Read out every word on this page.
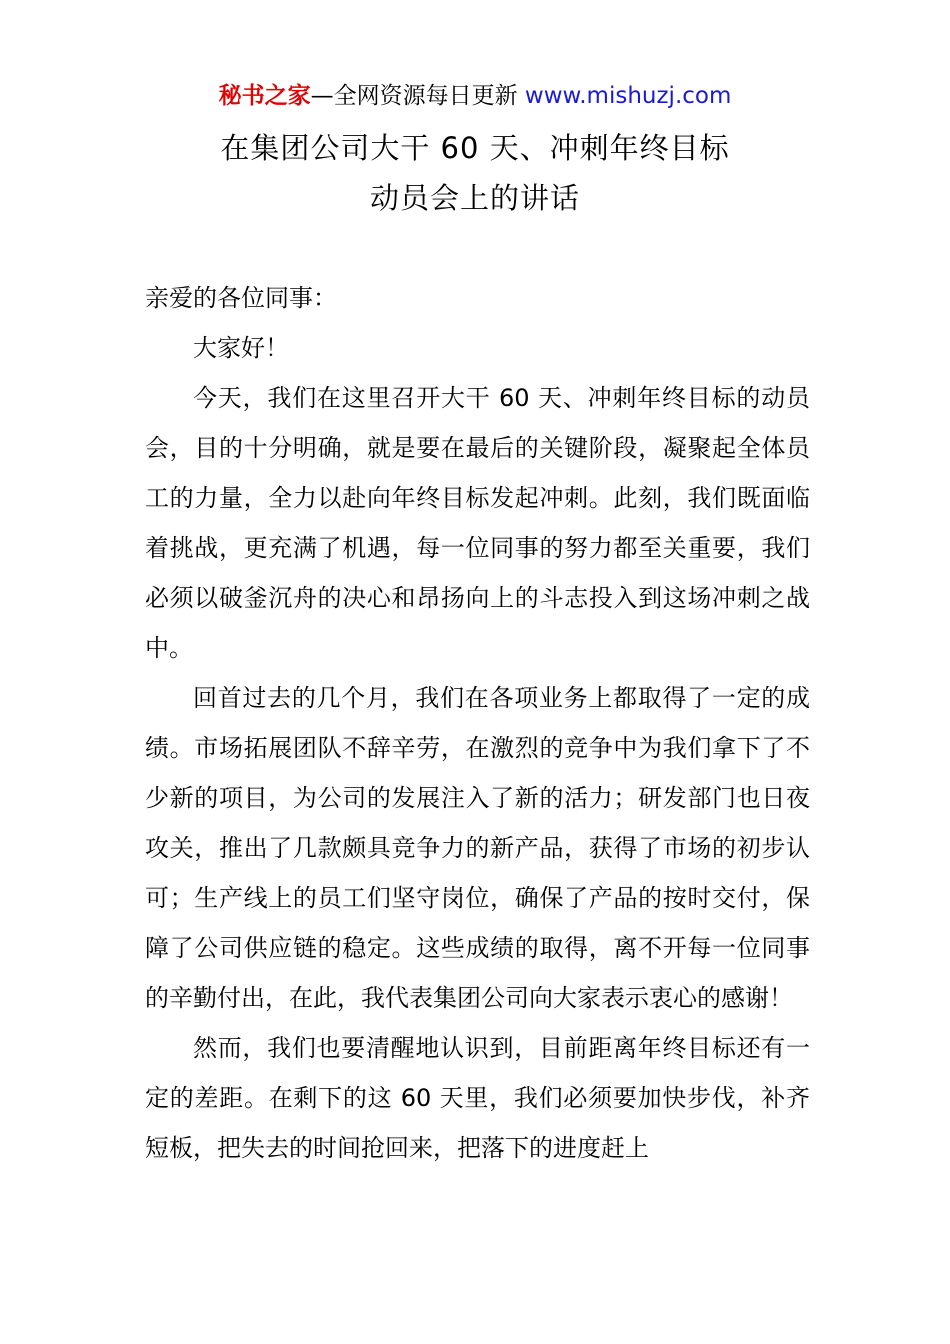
秘书之家—全网资源每日更新 www.mishuzj.com
在集团公司大干 60 天、冲刺年终目标
动员会上的讲话
亲爱的各位同事：

大家好！

今天，我们在这里召开大干 60 天、冲刺年终目标的动员会，目的十分明确，就是要在最后的关键阶段，凝聚起全体员工的力量，全力以赴向年终目标发起冲刺。此刻，我们既面临着挑战，更充满了机遇，每一位同事的努力都至关重要，我们必须以破釜沉舟的决心和昂扬向上的斗志投入到这场冲刺之战中。

回首过去的几个月，我们在各项业务上都取得了一定的成绩。市场拓展团队不辞辛劳，在激烈的竞争中为我们拿下了不少新的项目，为公司的发展注入了新的活力；研发部门也日夜攻关，推出了几款颇具竞争力的新产品，获得了市场的初步认可；生产线上的员工们坚守岗位，确保了产品的按时交付，保障了公司供应链的稳定。这些成绩的取得，离不开每一位同事的辛勤付出，在此，我代表集团公司向大家表示衷心的感谢！

然而，我们也要清醒地认识到，目前距离年终目标还有一定的差距。在剩下的这 60 天里，我们必须要加快步伐，补齐短板，把失去的时间抢回来，把落下的进度赶上
